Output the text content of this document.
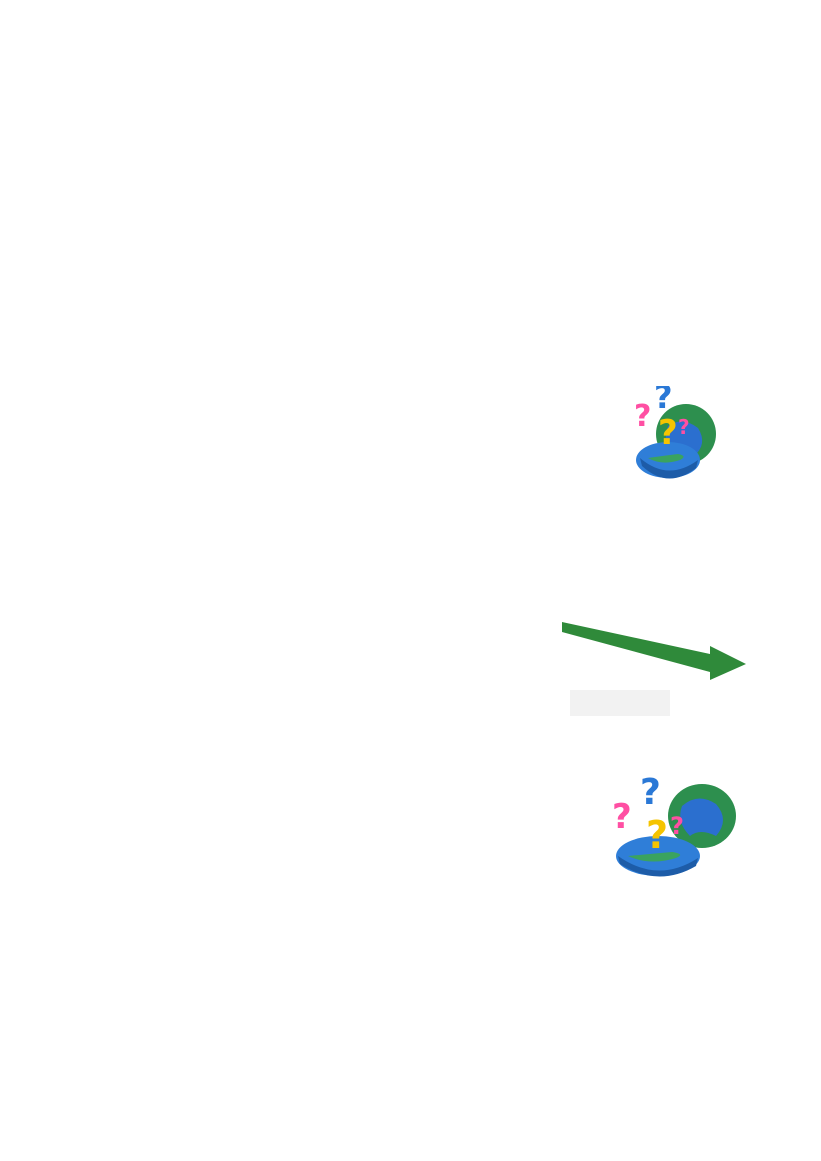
?
?
? ?
?
?
? ?
